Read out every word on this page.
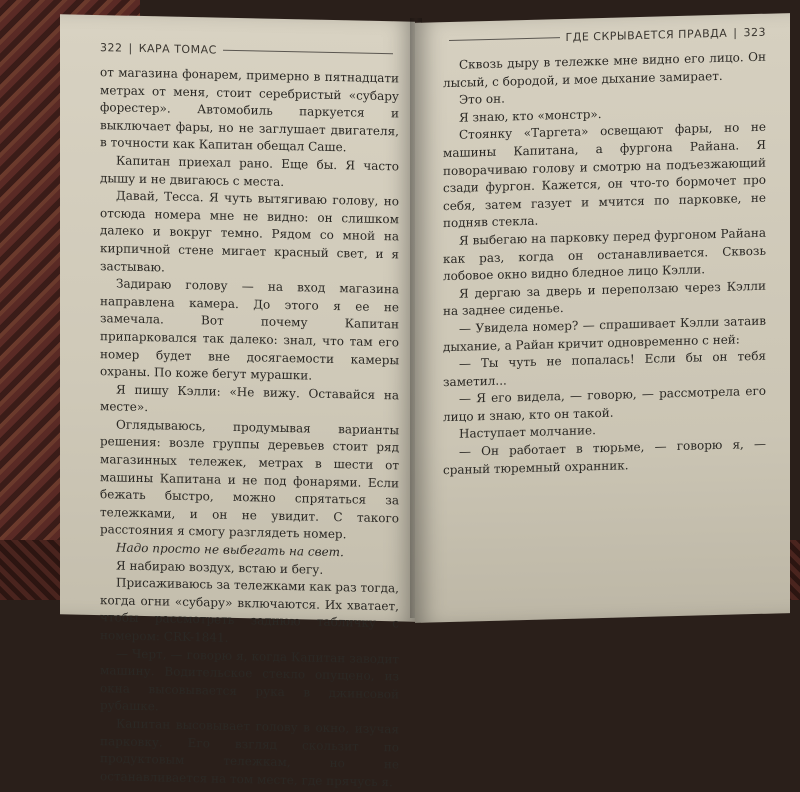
322 | КАРА ТОМАС

от магазина фонарем, примерно в пятнадцати метрах от меня, стоит серебристый «субару форестер». Автомобиль паркуется и выключает фары, но не заглушает двигателя, в точности как Капитан обещал Саше.

Капитан приехал рано. Еще бы. Я часто дышу и не двигаюсь с места.

Давай, Тесса. Я чуть вытягиваю голову, но отсюда номера мне не видно: он слишком далеко и вокруг темно. Рядом со мной на кирпичной стене мигает красный свет, и я застываю.

Задираю голову — на вход магазина направлена камера. До этого я ее не замечала. Вот почему Капитан припарковался так далеко: знал, что там его номер будет вне досягаемости камеры охраны. По коже бегут мурашки.

Я пишу Кэлли: «Не вижу. Оставайся на месте».

Оглядываюсь, продумывая варианты решения: возле группы деревьев стоит ряд магазинных тележек, метрах в шести от машины Капитана и не под фонарями. Если бежать быстро, можно спрятаться за тележками, и он не увидит. С такого расстояния я смогу разглядеть номер.

Надо просто не выбегать на свет.

Я набираю воздух, встаю и бегу.

Присаживаюсь за тележками как раз тогда, когда огни «субару» включаются. Их хватает, чтобы рассмотреть заднюю табличку с номером: CRK-1841.

— Черт, — говорю я, когда Капитан заводит машину. Водительское стекло опущено, из окна высовывается рука в джинсовой рубашке.

Капитан высовывает голову в окно, изучая парковку. Его взгляд скользит по продуктовым тележкам, но не останавливается на том месте, где прячусь я.

ГДЕ СКРЫВАЕТСЯ ПРАВДА | 323

Сквозь дыру в тележке мне видно его лицо. Он лысый, с бородой, и мое дыхание замирает.

Это он.

Я знаю, кто «монстр».

Стоянку «Таргета» освещают фары, но не машины Капитана, а фургона Райана. Я поворачиваю голову и смотрю на подъезжающий сзади фургон. Кажется, он что-то бормочет про себя, затем газует и мчится по парковке, не подняв стекла.

Я выбегаю на парковку перед фургоном Райана как раз, когда он останавливается. Сквозь лобовое окно видно бледное лицо Кэлли.

Я дергаю за дверь и переползаю через Кэлли на заднее сиденье.

— Увидела номер? — спрашивает Кэлли затаив дыхание, а Райан кричит одновременно с ней:

— Ты чуть не попалась! Если бы он тебя заметил...

— Я его видела, — говорю, — рассмотрела его лицо и знаю, кто он такой.

Наступает молчание.

— Он работает в тюрьме, — говорю я, — сраный тюремный охранник.
